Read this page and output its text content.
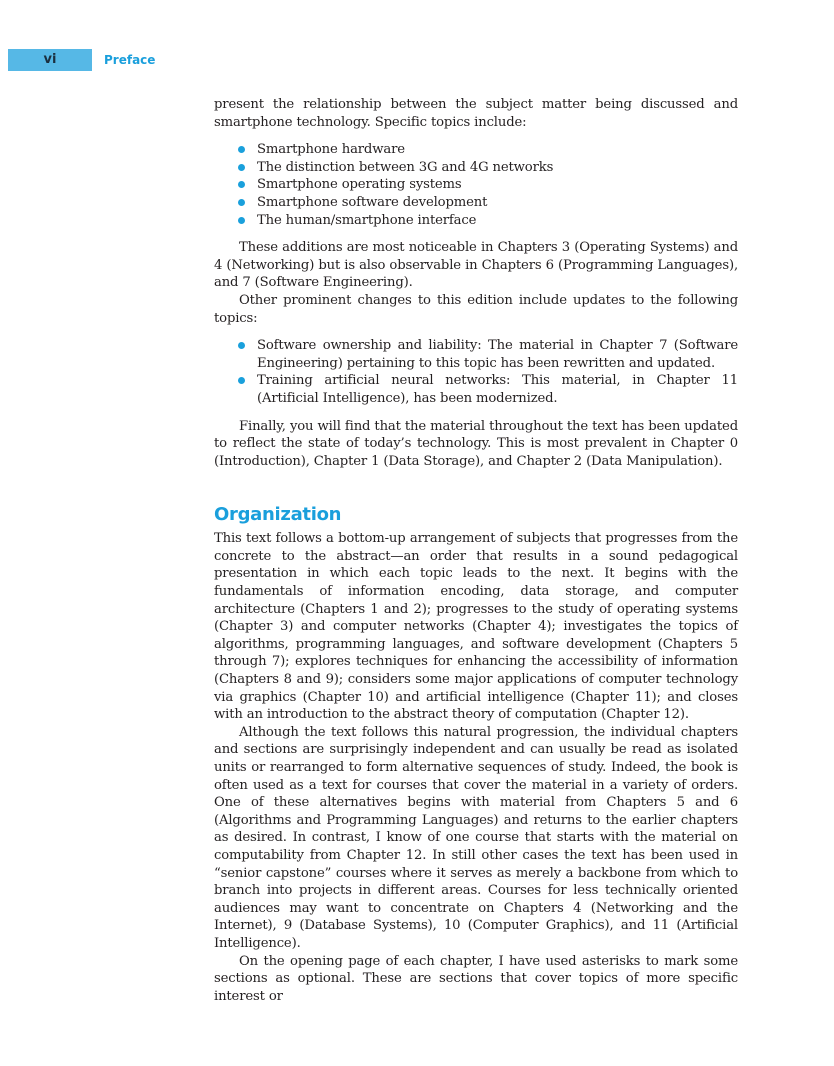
vi	Preface

present the relationship between the subject matter being discussed and smartphone technology. Specific topics include:

Smartphone hardware
The distinction between 3G and 4G networks
Smartphone operating systems
Smartphone software development
The human/smartphone interface

These additions are most noticeable in Chapters 3 (Operating Systems) and 4 (Networking) but is also observable in Chapters 6 (Programming Languages), and 7 (Software Engineering).

Other prominent changes to this edition include updates to the following topics:

Software ownership and liability: The material in Chapter 7 (Software Engineering) pertaining to this topic has been rewritten and updated.
Training artificial neural networks: This material, in Chapter 11 (Artificial Intelligence), has been modernized.

Finally, you will find that the material throughout the text has been updated to reflect the state of today’s technology. This is most prevalent in Chapter 0 (Introduction), Chapter 1 (Data Storage), and Chapter 2 (Data Manipulation).

Organization

This text follows a bottom-up arrangement of subjects that progresses from the concrete to the abstract—an order that results in a sound pedagogical presentation in which each topic leads to the next. It begins with the fundamentals of information encoding, data storage, and computer architecture (Chapters 1 and 2); progresses to the study of operating systems (Chapter 3) and computer networks (Chapter 4); investigates the topics of algorithms, programming languages, and software development (Chapters 5 through 7); explores techniques for enhancing the accessibility of information (Chapters 8 and 9); considers some major applications of computer technology via graphics (Chapter 10) and artificial intelligence (Chapter 11); and closes with an introduction to the abstract theory of computation (Chapter 12).

Although the text follows this natural progression, the individual chapters and sections are surprisingly independent and can usually be read as isolated units or rearranged to form alternative sequences of study. Indeed, the book is often used as a text for courses that cover the material in a variety of orders. One of these alternatives begins with material from Chapters 5 and 6 (Algorithms and Programming Languages) and returns to the earlier chapters as desired. In contrast, I know of one course that starts with the material on computability from Chapter 12. In still other cases the text has been used in “senior capstone” courses where it serves as merely a backbone from which to branch into projects in different areas. Courses for less technically oriented audiences may want to concentrate on Chapters 4 (Networking and the Internet), 9 (Database Systems), 10 (Computer Graphics), and 11 (Artificial Intelligence).

On the opening page of each chapter, I have used asterisks to mark some sections as optional. These are sections that cover topics of more specific interest or
